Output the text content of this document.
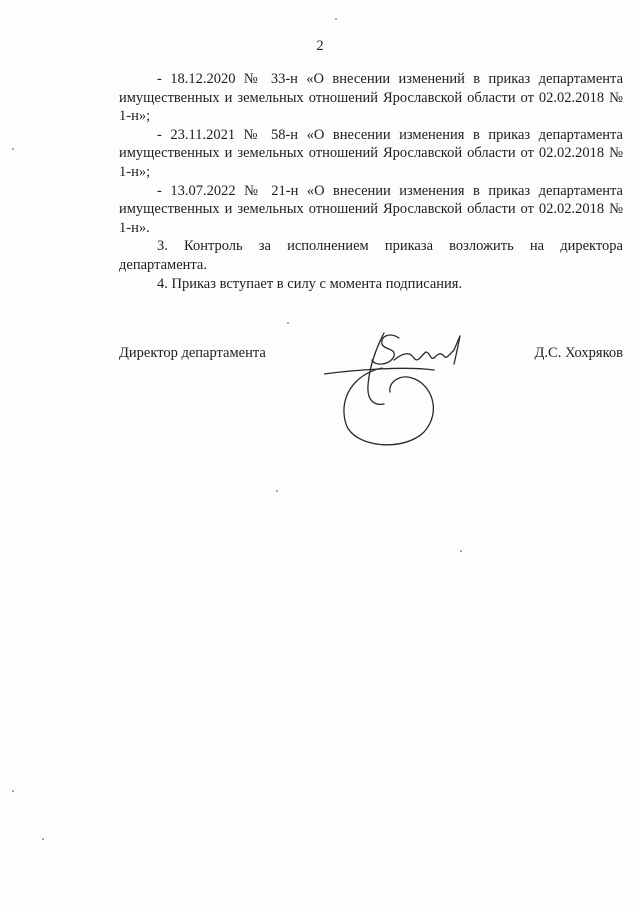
2

- 18.12.2020 № 33-н «О внесении изменений в приказ департамента имущественных и земельных отношений Ярославской области от 02.02.2018 № 1-н»;

- 23.11.2021 № 58-н «О внесении изменения в приказ департамента имущественных и земельных отношений Ярославской области от 02.02.2018 № 1-н»;

- 13.07.2022 № 21-н «О внесении изменения в приказ департамента имущественных и земельных отношений Ярославской области от 02.02.2018 № 1-н».

3. Контроль за исполнением приказа возложить на директора департамента.

4. Приказ вступает в силу с момента подписания.

Директор департамента	Д.С. Хохряков
